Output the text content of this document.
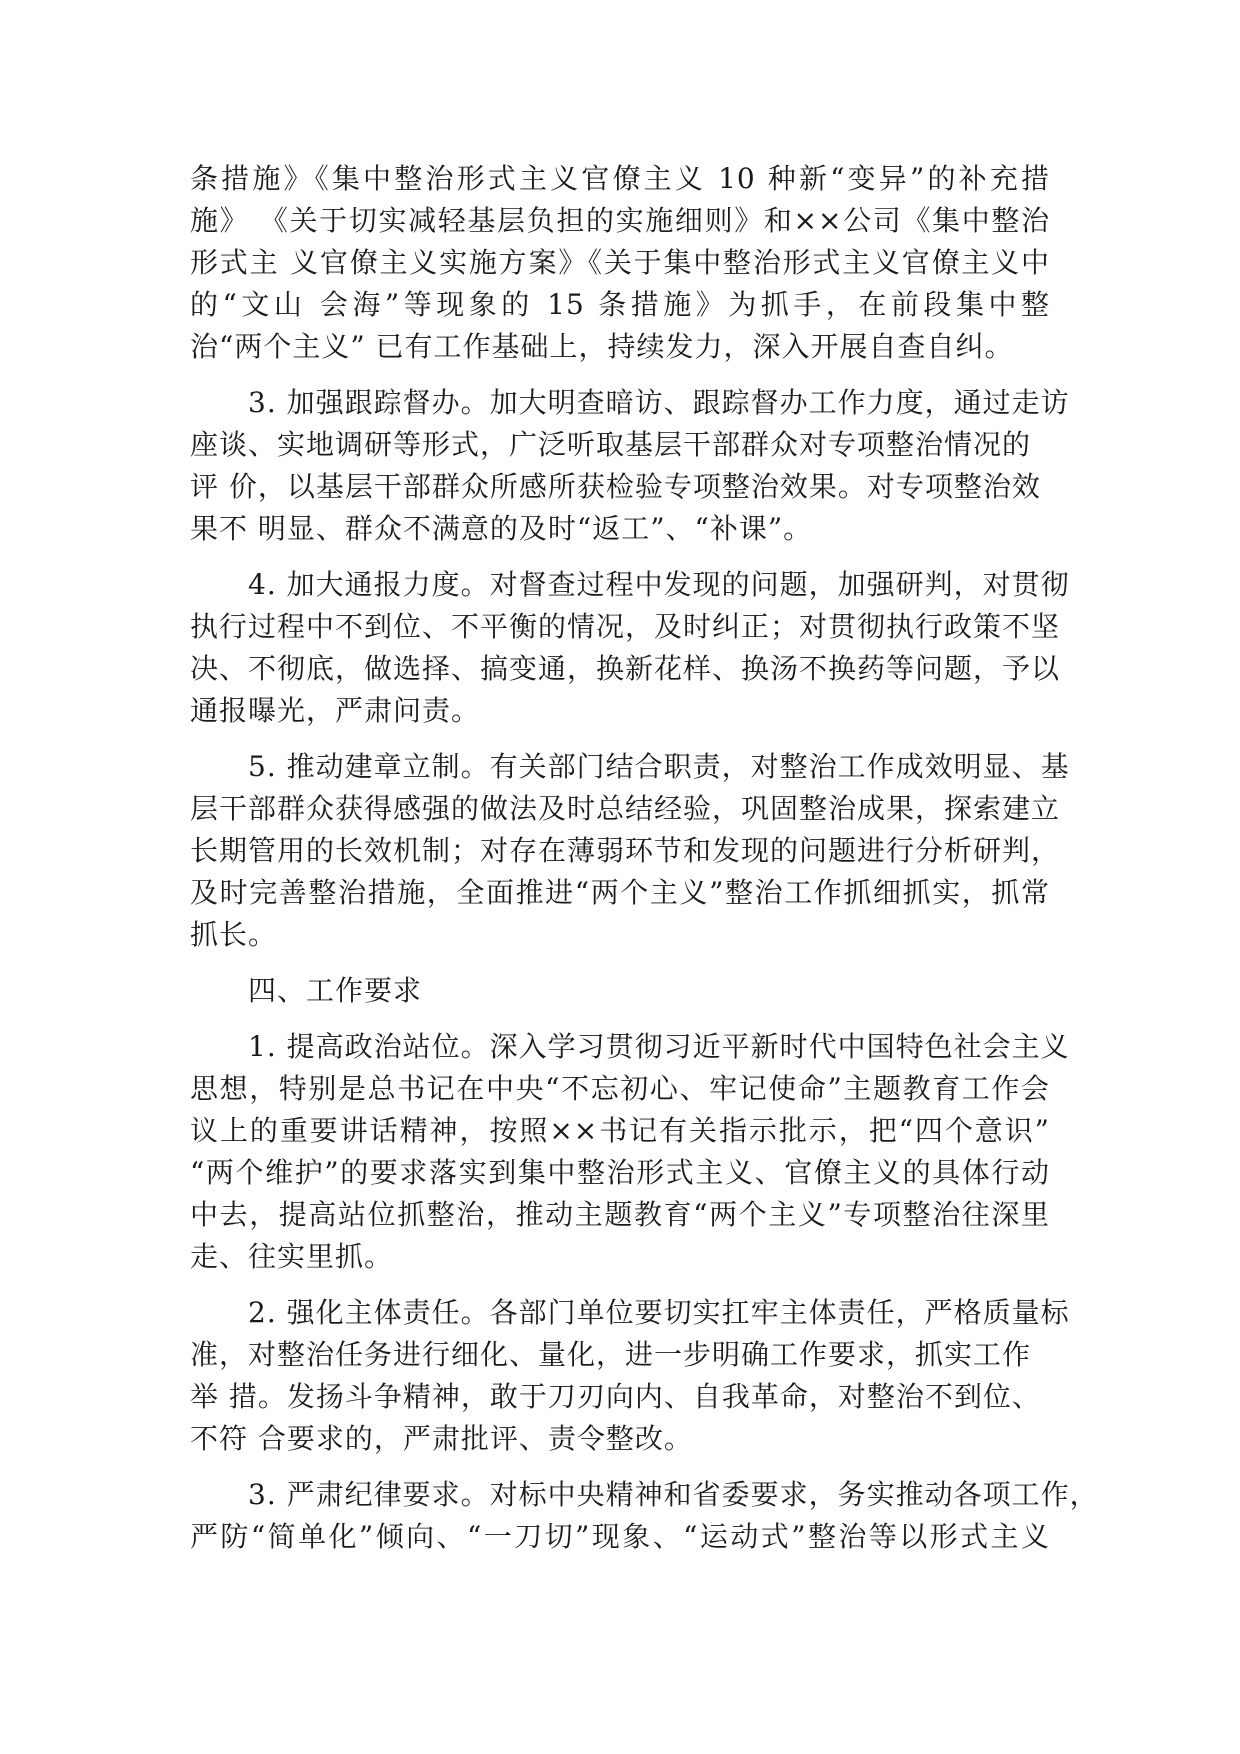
条措施》《集中整治形式主义官僚主义 10 种新“变异”的补充措
施》 《关于切实减轻基层负担的实施细则》和××公司《集中整治
形式主 义官僚主义实施方案》《关于集中整治形式主义官僚主义中
的“文山 会海”等现象的 15 条措施》为抓手，在前段集中整
治“两个主义” 已有工作基础上，持续发力，深入开展自查自纠。
3. 加强跟踪督办。加大明查暗访、跟踪督办工作力度，通过走访
座谈、实地调研等形式，广泛听取基层干部群众对专项整治情况的
评 价，以基层干部群众所感所获检验专项整治效果。对专项整治效
果不 明显、群众不满意的及时“返工”、“补课”。
4. 加大通报力度。对督查过程中发现的问题，加强研判，对贯彻
执行过程中不到位、不平衡的情况，及时纠正；对贯彻执行政策不坚
决、不彻底，做选择、搞变通，换新花样、换汤不换药等问题，予以
通报曝光，严肃问责。
5. 推动建章立制。有关部门结合职责，对整治工作成效明显、基
层干部群众获得感强的做法及时总结经验，巩固整治成果，探索建立
长期管用的长效机制；对存在薄弱环节和发现的问题进行分析研判，
及时完善整治措施，全面推进“两个主义”整治工作抓细抓实，抓常
抓长。
四、工作要求
1. 提高政治站位。深入学习贯彻习近平新时代中国特色社会主义
思想，特别是总书记在中央“不忘初心、牢记使命”主题教育工作会
议上的重要讲话精神，按照××书记有关指示批示，把“四个意识”
“两个维护”的要求落实到集中整治形式主义、官僚主义的具体行动
中去，提高站位抓整治，推动主题教育“两个主义”专项整治往深里
走、往实里抓。
2. 强化主体责任。各部门单位要切实扛牢主体责任，严格质量标
准，对整治任务进行细化、量化，进一步明确工作要求，抓实工作
举 措。发扬斗争精神，敢于刀刃向内、自我革命，对整治不到位、
不符 合要求的，严肃批评、责令整改。
3. 严肃纪律要求。对标中央精神和省委要求，务实推动各项工作，
严防“简单化”倾向、“一刀切”现象、“运动式”整治等以形式主义
